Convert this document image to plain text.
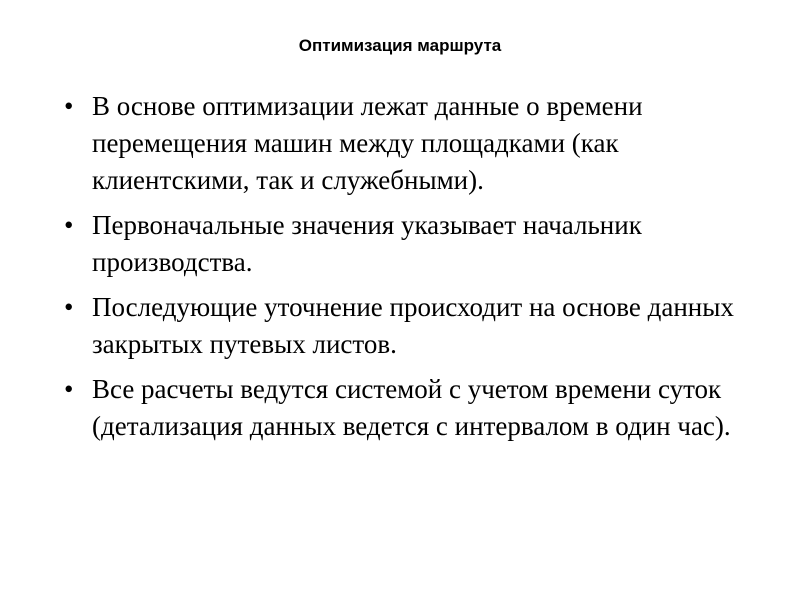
Оптимизация маршрута
• В основе оптимизации лежат данные о времени перемещения машин между площадками (как клиентскими, так и служебными).
• Первоначальные значения указывает начальник производства.
• Последующие уточнение происходит на основе данных закрытых путевых листов.
• Все расчеты ведутся системой с учетом времени суток (детализация данных ведется с интервалом в один час).
